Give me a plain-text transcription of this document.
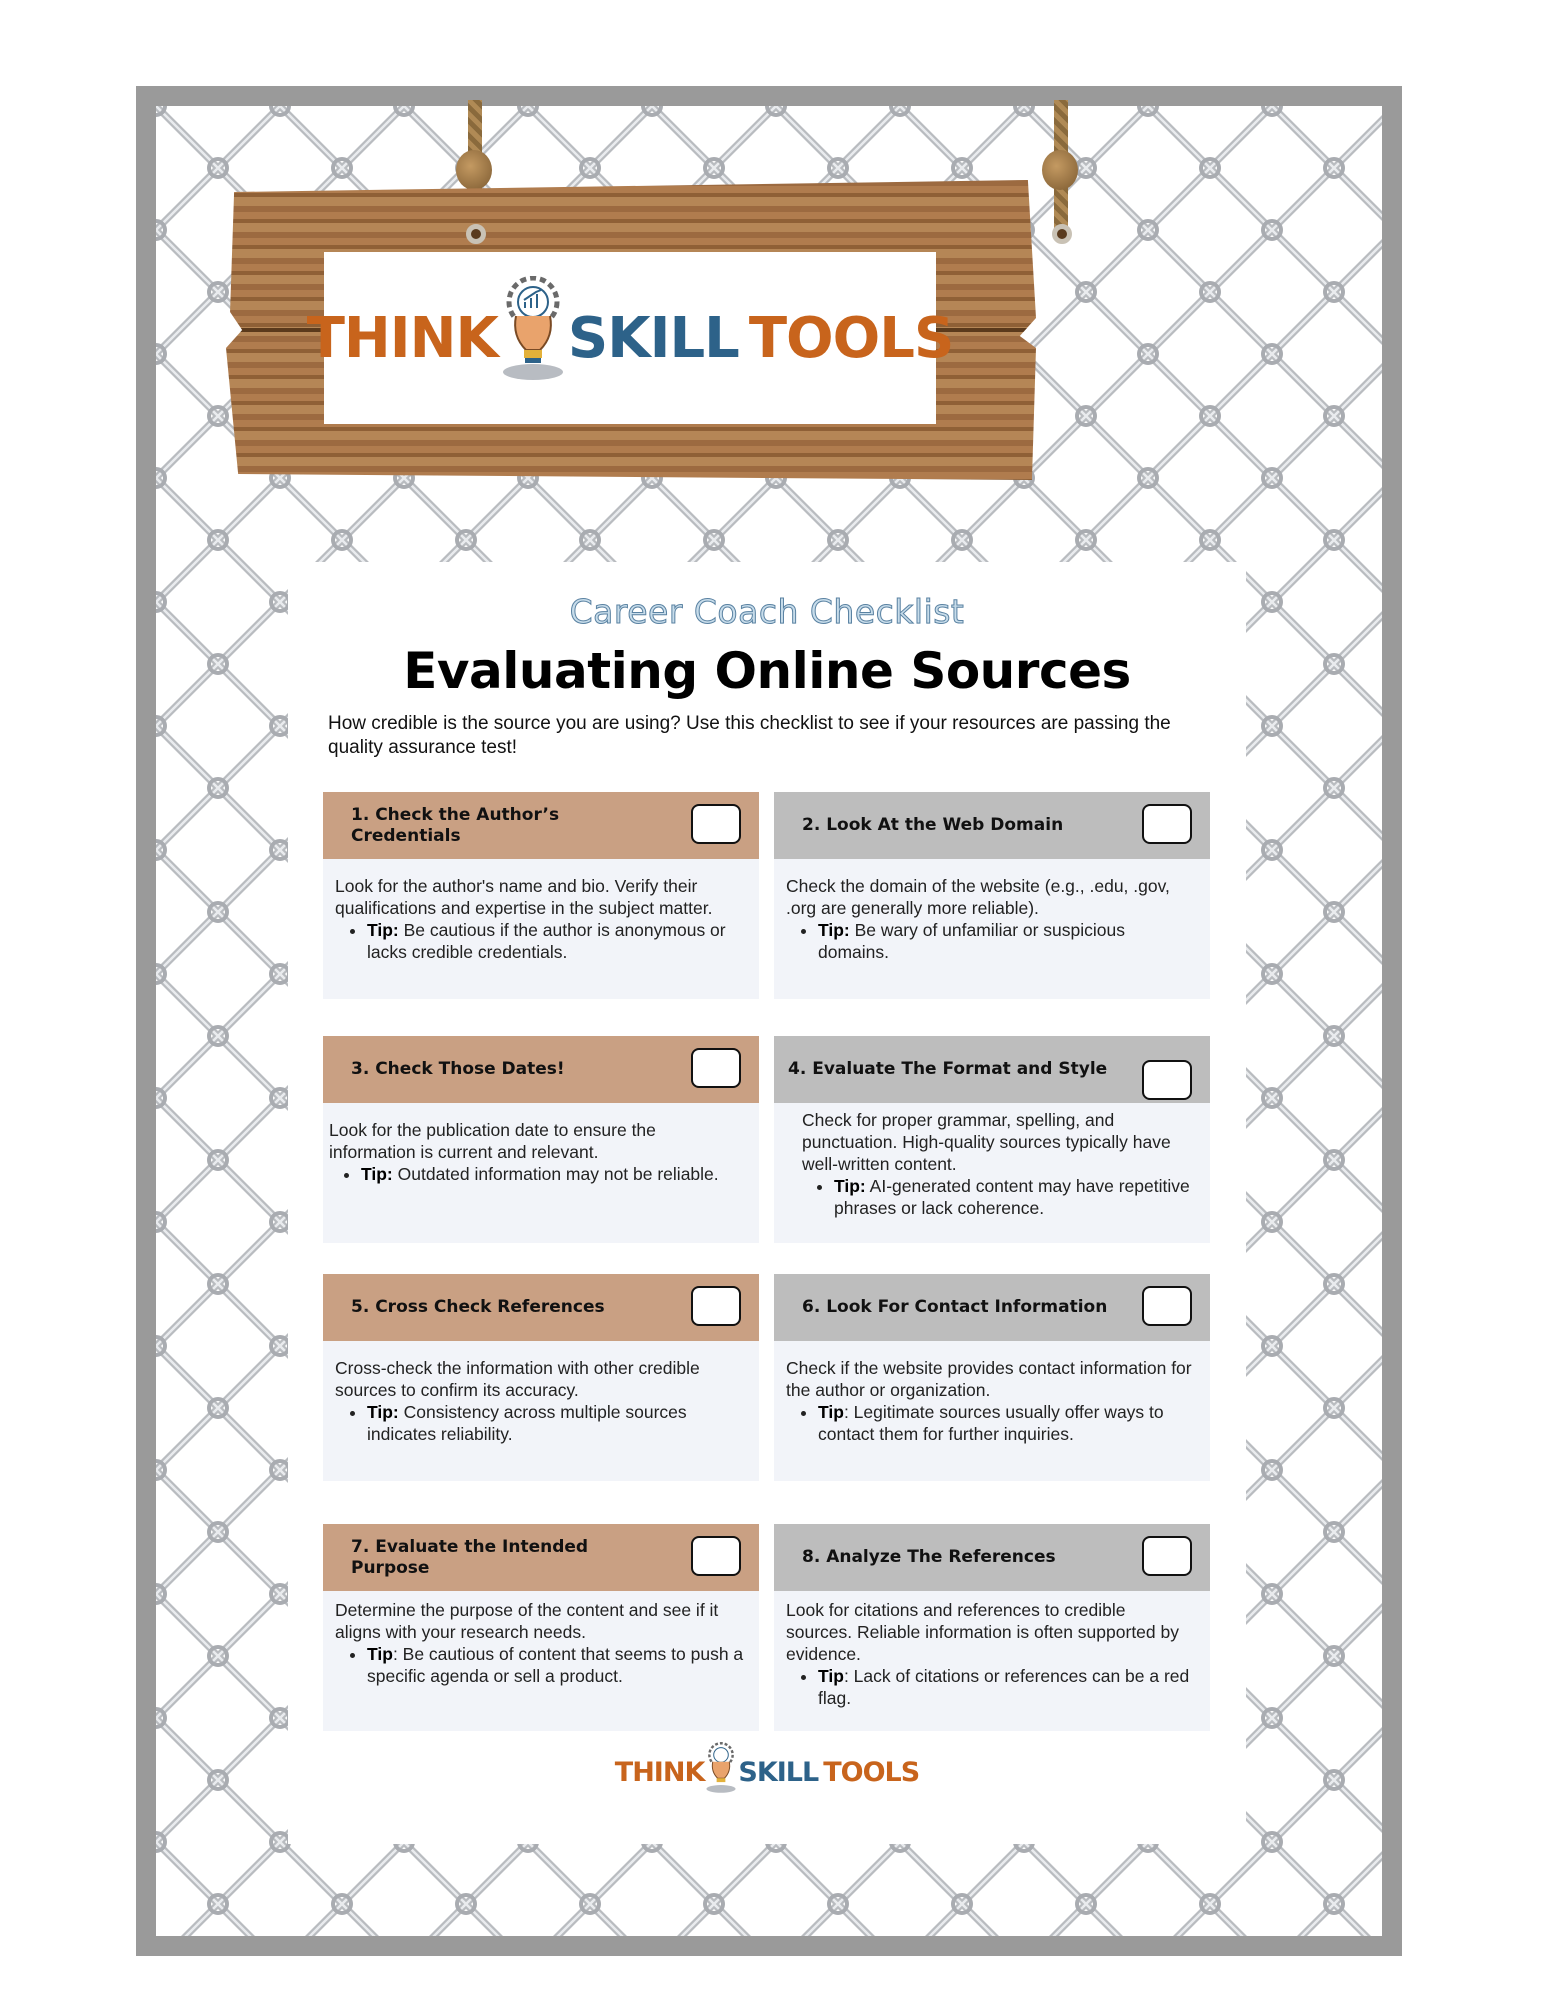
THINK SKILL TOOLS
Career Coach Checklist
Evaluating Online Sources
How credible is the source you are using? Use this checklist to see if your resources are passing the quality assurance test!
1. Check the Author’s Credentials
Look for the author's name and bio. Verify their qualifications and expertise in the subject matter.
• Tip: Be cautious if the author is anonymous or lacks credible credentials.
2. Look At the Web Domain
Check the domain of the website (e.g., .edu, .gov, .org are generally more reliable).
• Tip: Be wary of unfamiliar or suspicious domains.
3. Check Those Dates!
Look for the publication date to ensure the information is current and relevant.
• Tip: Outdated information may not be reliable.
4. Evaluate The Format and Style
Check for proper grammar, spelling, and punctuation. High-quality sources typically have well-written content.
• Tip: AI-generated content may have repetitive phrases or lack coherence.
5. Cross Check References
Cross-check the information with other credible sources to confirm its accuracy.
• Tip: Consistency across multiple sources indicates reliability.
6. Look For Contact Information
Check if the website provides contact information for the author or organization.
• Tip: Legitimate sources usually offer ways to contact them for further inquiries.
7. Evaluate the Intended Purpose
Determine the purpose of the content and see if it aligns with your research needs.
• Tip: Be cautious of content that seems to push a specific agenda or sell a product.
8. Analyze The References
Look for citations and references to credible sources. Reliable information is often supported by evidence.
• Tip: Lack of citations or references can be a red flag.
THINK SKILL TOOLS
